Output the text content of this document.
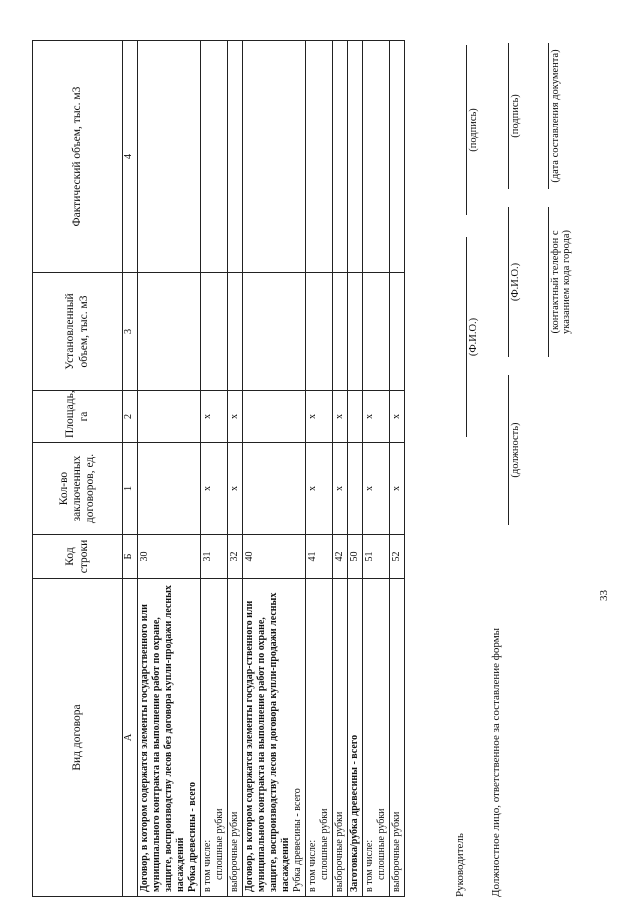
Вид договора	Код строки	Кол-во заключенных договоров, ед.	Площадь, га	Установленный объем, тыс. м3	Фактический объем, тыс. м3
А	Б	1	2	3	4

Договор, в котором содержатся элементы государственного или муниципального контракта на выполнение работ по охране, защите, воспроизводству лесов без договора купли-продажи лесных насаждений Рубка древесины - всего	30				

в том числе: сплошные рубки	31	x	x		
выборочные рубки	32	x	x		

Договор, в котором содержатся элементы государ-ственного или муниципального контракта на выполнение работ по охране, защите, воспроизводству лесов и договора купли-продажи лесных насаждений Рубка древесины - всего	40				

в том числе: сплошные рубки	41	x	x		
выборочные рубки	42	x	x		
Заготовка/рубка древесины - всего	50				

в том числе: сплошные рубки	51	x	x		
выборочные рубки	52	x	x		
Руководитель
(Ф.И.О.)
(подпись)
Должностное лицо, ответственное за составление формы
(должность)
(Ф.И.О.)
(подпись)
(контактный телефон с указанием кода города)
(дата составления документа)
33
